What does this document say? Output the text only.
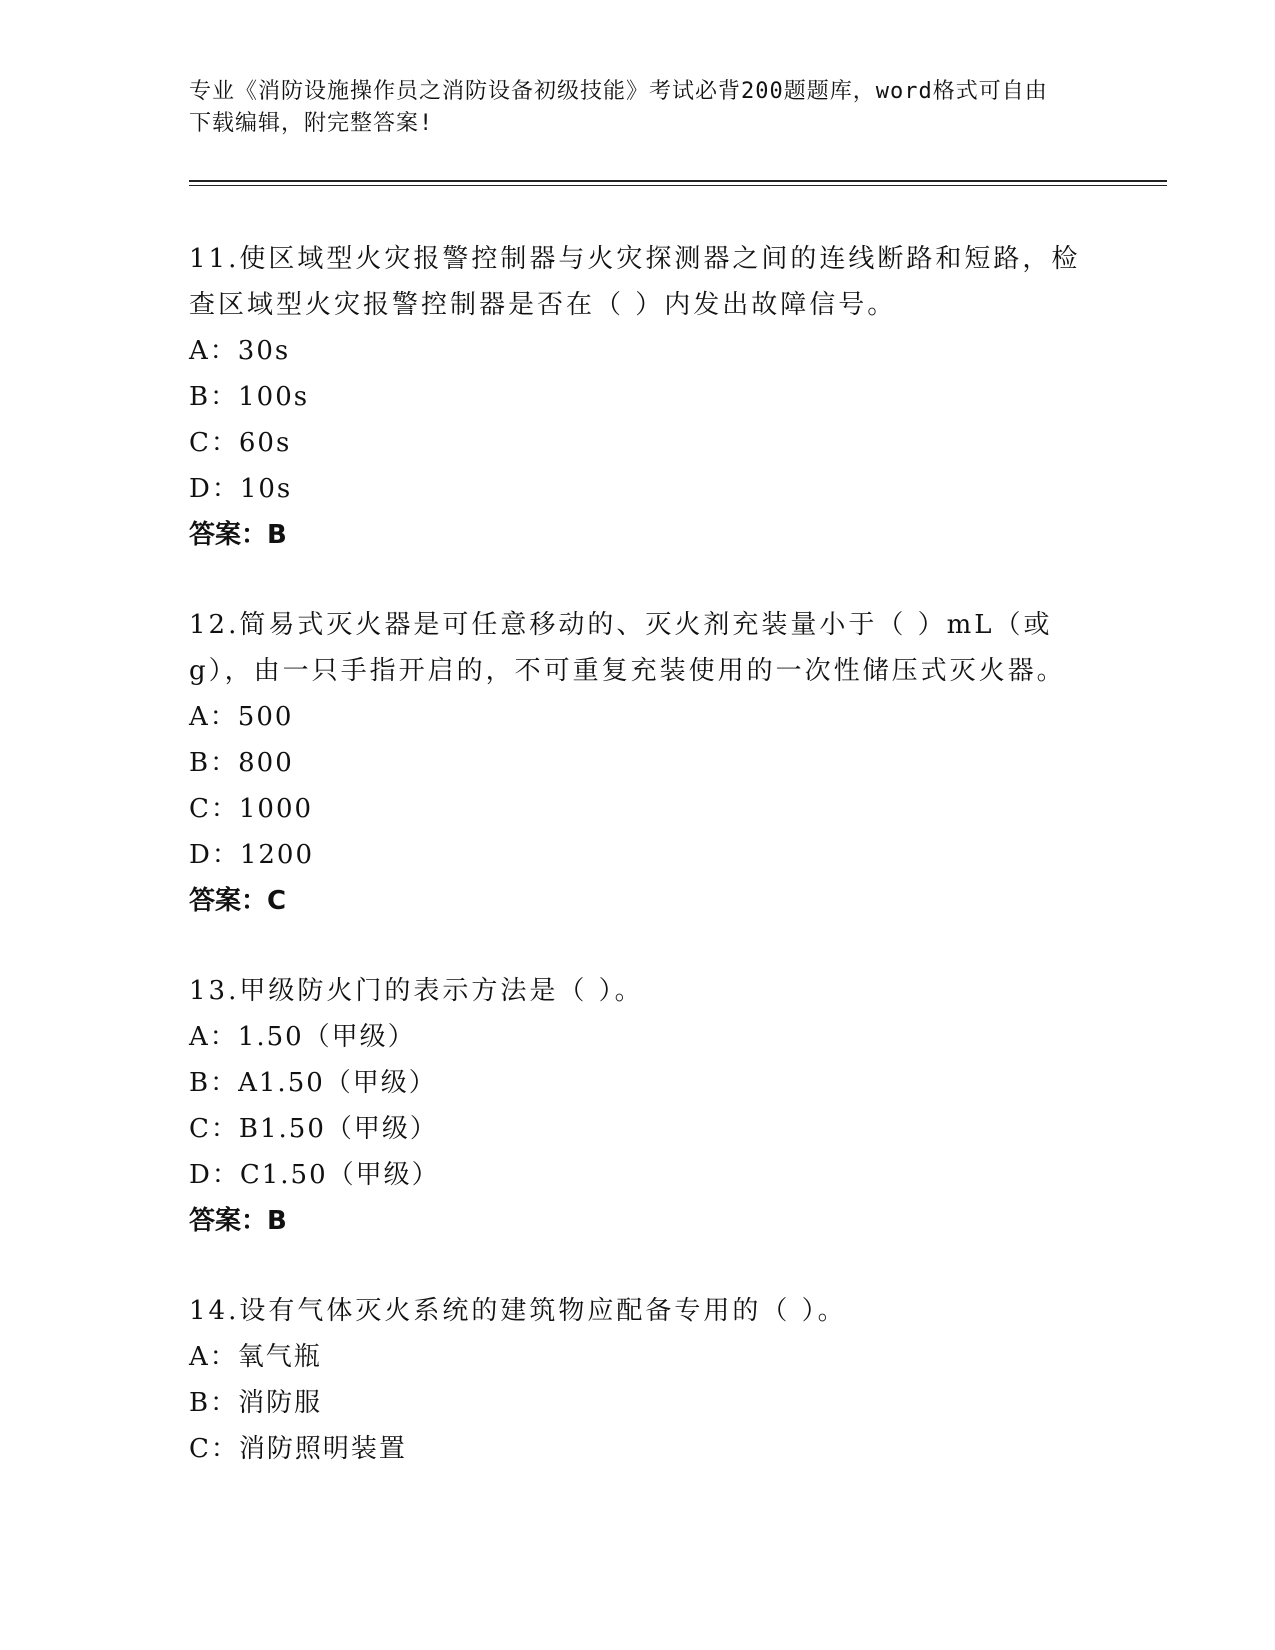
专业《消防设施操作员之消防设备初级技能》考试必背200题题库，word格式可自由下载编辑，附完整答案!

11.使区域型火灾报警控制器与火灾探测器之间的连线断路和短路，检查区域型火灾报警控制器是否在（ ）内发出故障信号。

A：30s

B：100s

C：60s

D：10s

答案：B

12.简易式灭火器是可任意移动的、灭火剂充装量小于（ ）mL（或g），由一只手指开启的，不可重复充装使用的一次性储压式灭火器。

A：500

B：800

C：1000

D：1200

答案：C

13.甲级防火门的表示方法是（ ）。

A：1.50（甲级）

B：A1.50（甲级）

C：B1.50（甲级）

D：C1.50（甲级）

答案：B

14.设有气体灭火系统的建筑物应配备专用的（ ）。

A：氧气瓶

B：消防服

C：消防照明装置
